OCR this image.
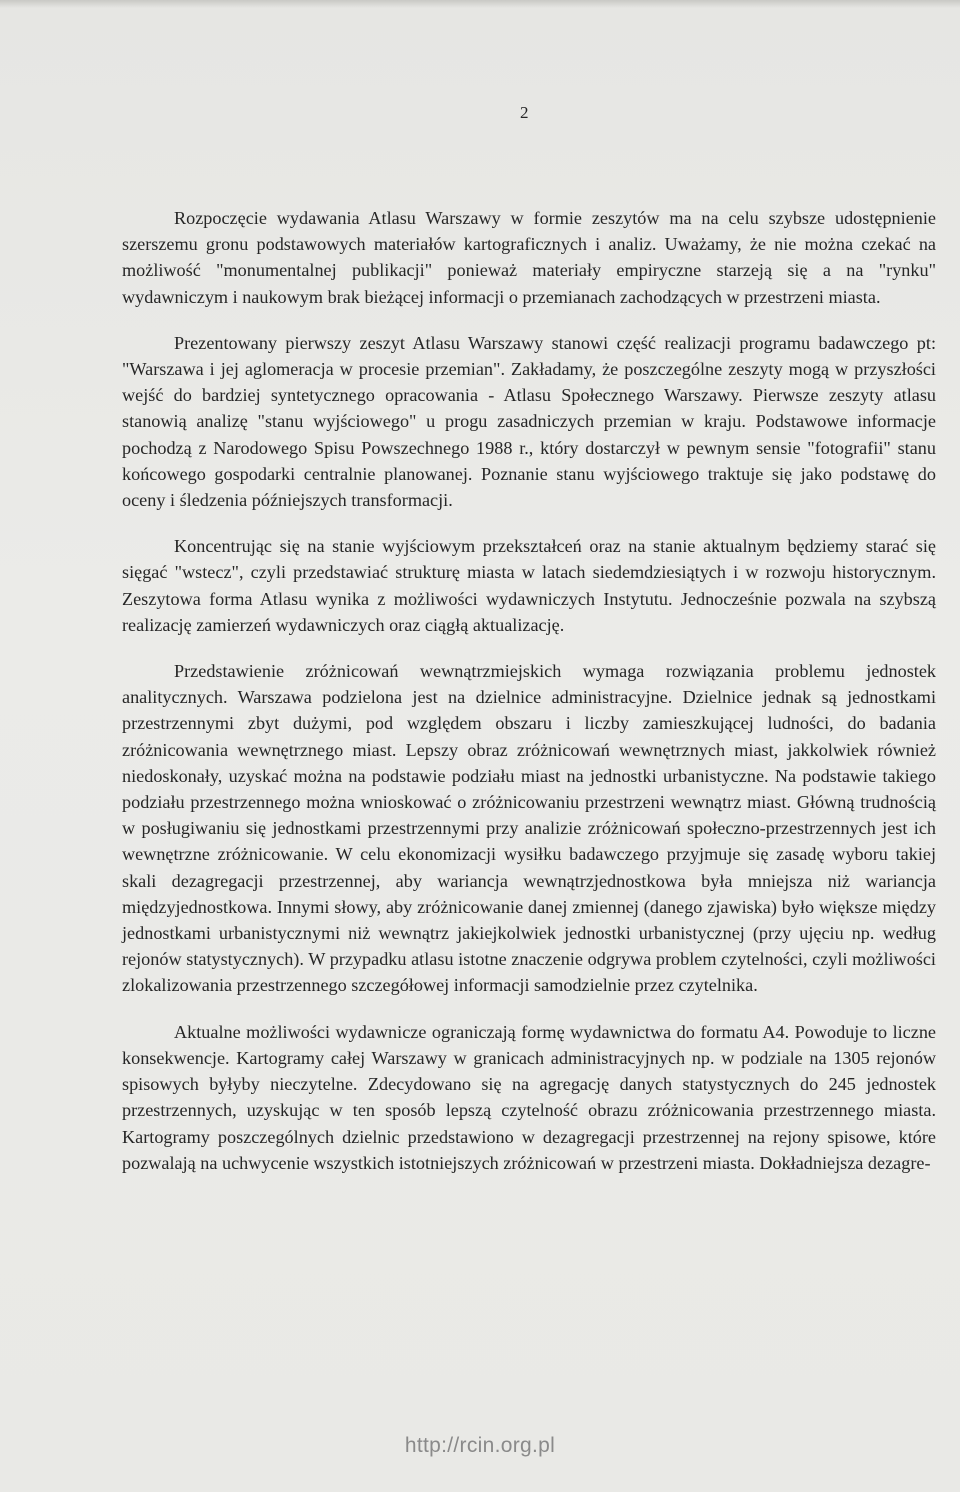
2

Rozpoczęcie wydawania Atlasu Warszawy w formie zeszytów ma na celu szybsze udostępnienie szerszemu gronu podstawowych materiałów kartograficznych i analiz. Uważamy, że nie można czekać na możliwość "monumentalnej publikacji" ponieważ materiały empiryczne starzeją się a na "rynku" wydawniczym i naukowym brak bieżącej informacji o przemianach zachodzących w przestrzeni miasta.

Prezentowany pierwszy zeszyt Atlasu Warszawy stanowi część realizacji programu badawczego pt: "Warszawa i jej aglomeracja w procesie przemian". Zakładamy, że poszczególne zeszyty mogą w przyszłości wejść do bardziej syntetycznego opracowania - Atlasu Społecznego Warszawy. Pierwsze zeszyty atlasu stanowią analizę "stanu wyjściowego" u progu zasadniczych przemian w kraju. Podstawowe informacje pochodzą z Narodowego Spisu Powszechnego 1988 r., który dostarczył w pewnym sensie "fotografii" stanu końcowego gospodarki centralnie planowanej. Poznanie stanu wyjściowego traktuje się jako podstawę do oceny i śledzenia późniejszych transformacji.

Koncentrując się na stanie wyjściowym przekształceń oraz na stanie aktualnym będziemy starać się sięgać "wstecz", czyli przedstawiać strukturę miasta w latach siedemdziesiątych i w rozwoju historycznym. Zeszytowa forma Atlasu wynika z możliwości wydawniczych Instytutu. Jednocześnie pozwala na szybszą realizację zamierzeń wydawniczych oraz ciągłą aktualizację.

Przedstawienie zróżnicowań wewnątrzmiejskich wymaga rozwiązania problemu jednostek analitycznych. Warszawa podzielona jest na dzielnice administracyjne. Dzielnice jednak są jednostkami przestrzennymi zbyt dużymi, pod względem obszaru i liczby zamieszkującej ludności, do badania zróżnicowania wewnętrznego miast. Lepszy obraz zróżnicowań wewnętrznych miast, jakkolwiek również niedoskonały, uzyskać można na podstawie podziału miast na jednostki urbanistyczne. Na podstawie takiego podziału przestrzennego można wnioskować o zróżnicowaniu przestrzeni wewnątrz miast. Główną trudnością w posługiwaniu się jednostkami przestrzennymi przy analizie zróżnicowań społeczno-przestrzennych jest ich wewnętrzne zróżnicowanie. W celu ekonomizacji wysiłku badawczego przyjmuje się zasadę wyboru takiej skali dezagregacji przestrzennej, aby wariancja wewnątrzjednostkowa była mniejsza niż wariancja międzyjednostkowa. Innymi słowy, aby zróżnicowanie danej zmiennej (danego zjawiska) było większe między jednostkami urbanistycznymi niż wewnątrz jakiejkolwiek jednostki urbanistycznej (przy ujęciu np. według rejonów statystycznych). W przypadku atlasu istotne znaczenie odgrywa problem czytelności, czyli możliwości zlokalizowania przestrzennego szczegółowej informacji samodzielnie przez czytelnika.

Aktualne możliwości wydawnicze ograniczają formę wydawnictwa do formatu A4. Powoduje to liczne konsekwencje. Kartogramy całej Warszawy w granicach administracyjnych np. w podziale na 1305 rejonów spisowych byłyby nieczytelne. Zdecydowano się na agregację danych statystycznych do 245 jednostek przestrzennych, uzyskując w ten sposób lepszą czytelność obrazu zróżnicowania przestrzennego miasta. Kartogramy poszczególnych dzielnic przedstawiono w dezagregacji przestrzennej na rejony spisowe, które pozwalają na uchwycenie wszystkich istotniejszych zróżnicowań w przestrzeni miasta. Dokładniejsza dezagre-

http://rcin.org.pl
